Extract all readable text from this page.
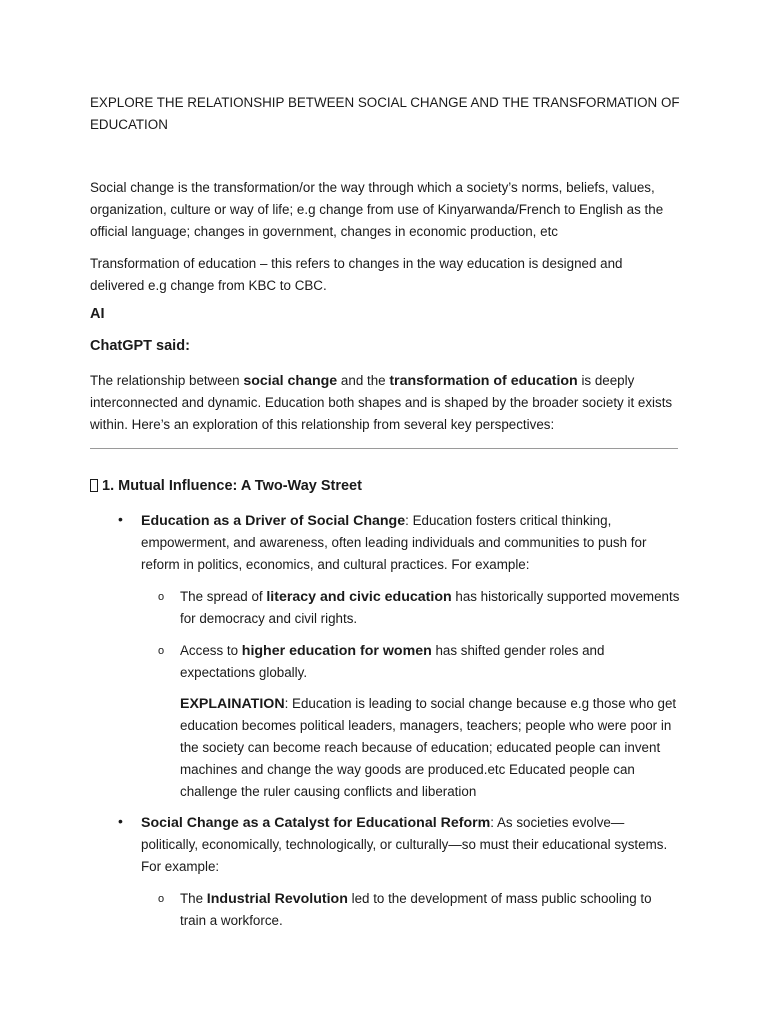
EXPLORE THE RELATIONSHIP BETWEEN SOCIAL CHANGE AND THE TRANSFORMATION OF EDUCATION

Social change is the transformation/or the way through which a society’s norms, beliefs, values, organization, culture or way of life; e.g change from use of Kinyarwanda/French to English as the official language; changes in government, changes in economic production, etc

Transformation of education – this refers to changes in the way education is designed and delivered e.g change from KBC to CBC.

AI
ChatGPT said:

The relationship between social change and the transformation of education is deeply interconnected and dynamic. Education both shapes and is shaped by the broader society it exists within. Here’s an exploration of this relationship from several key perspectives:

1. Mutual Influence: A Two-Way Street
• Education as a Driver of Social Change: Education fosters critical thinking, empowerment, and awareness, often leading individuals and communities to push for reform in politics, economics, and cultural practices. For example:

o The spread of literacy and civic education has historically supported movements for democracy and civil rights.

o Access to higher education for women has shifted gender roles and expectations globally.

EXPLAINATION: Education is leading to social change because e.g those who get education becomes political leaders, managers, teachers; people who were poor in the society can become reach because of education; educated people can invent machines and change the way goods are produced.etc Educated people can challenge the ruler causing conflicts and liberation

• Social Change as a Catalyst for Educational Reform: As societies evolve—politically, economically, technologically, or culturally—so must their educational systems. For example:

o The Industrial Revolution led to the development of mass public schooling to train a workforce.
